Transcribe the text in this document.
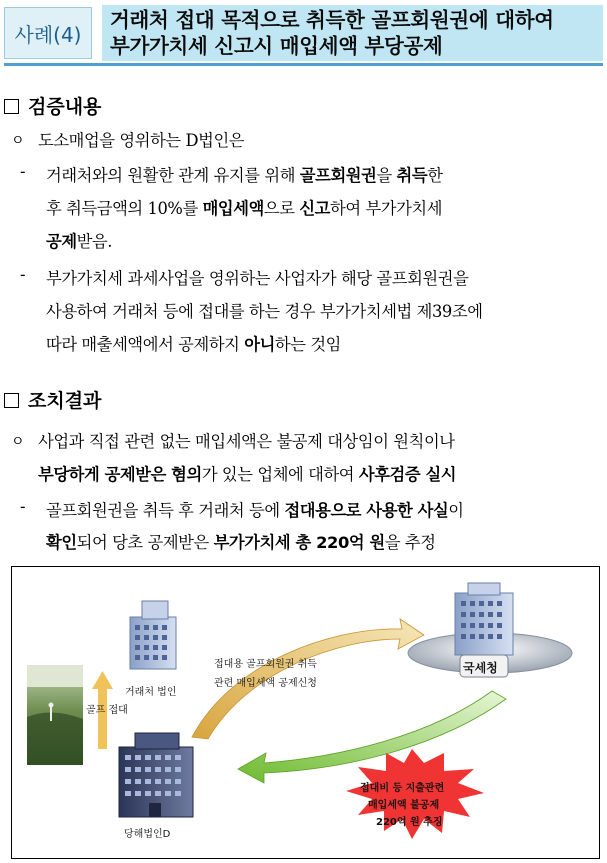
사례(4)
거래처 접대 목적으로 취득한 골프회원권에 대하여
부가가치세 신고시 매입세액 부당공제
검증내용
ㅇ 도소매업을 영위하는 D법인은
- 거래처와의 원활한 관계 유지를 위해 골프회원권을 취득한
후 취득금액의 10%를 매입세액으로 신고하여 부가가치세
공제받음.
- 부가가치세 과세사업을 영위하는 사업자가 해당 골프회원권을
사용하여 거래처 등에 접대를 하는 경우 부가가치세법 제39조에
따라 매출세액에서 공제하지 아니하는 것임
조치결과
ㅇ 사업과 직접 관련 없는 매입세액은 불공제 대상임이 원칙이나
부당하게 공제받은 혐의가 있는 업체에 대하여 사후검증 실시
- 골프회원권을 취득 후 거래처 등에 접대용으로 사용한 사실이
확인되어 당초 공제받은 부가가치세 총 220억 원을 추정
거래처 법인
골프 접대
당해법인D
국세청
접대용 골프회원권 취득
관련 매입세액 공제신청
접대비 등 지출관련
매입세액 불공제
220억 원 추징
